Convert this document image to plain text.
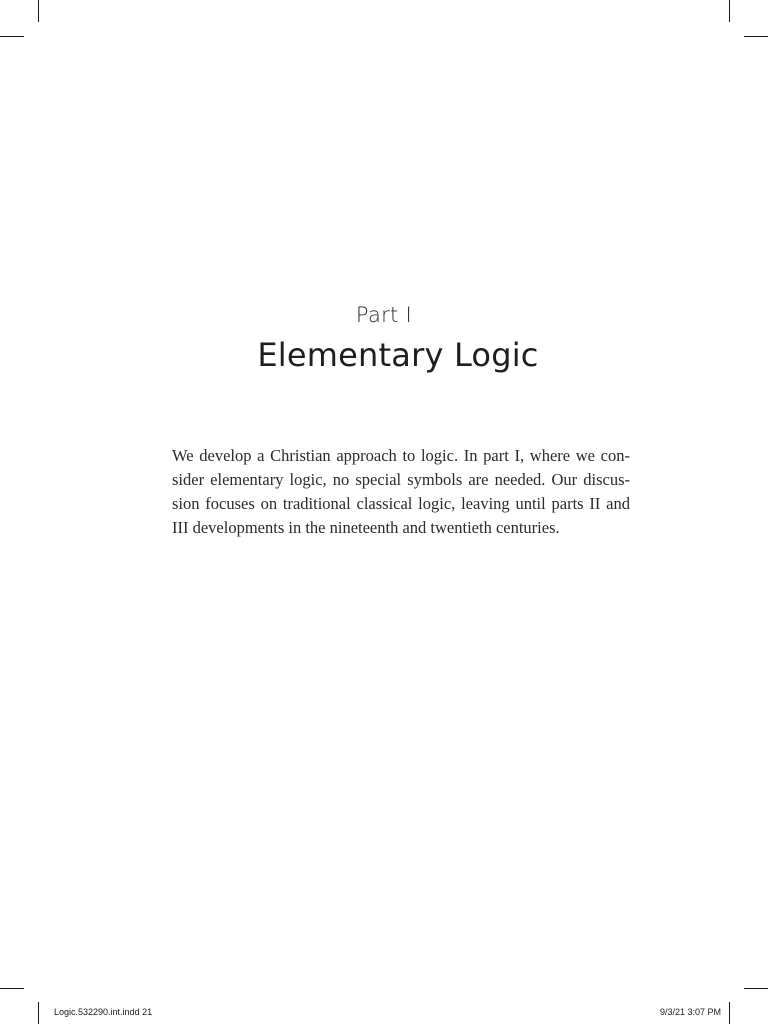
Part I
Elementary Logic

We develop a Christian approach to logic. In part I, where we con-
sider elementary logic, no special symbols are needed. Our discus-
sion focuses on traditional classical logic, leaving until parts II and
III developments in the nineteenth and twentieth centuries.

Logic.532290.int.indd 21	9/3/21 3:07 PM
